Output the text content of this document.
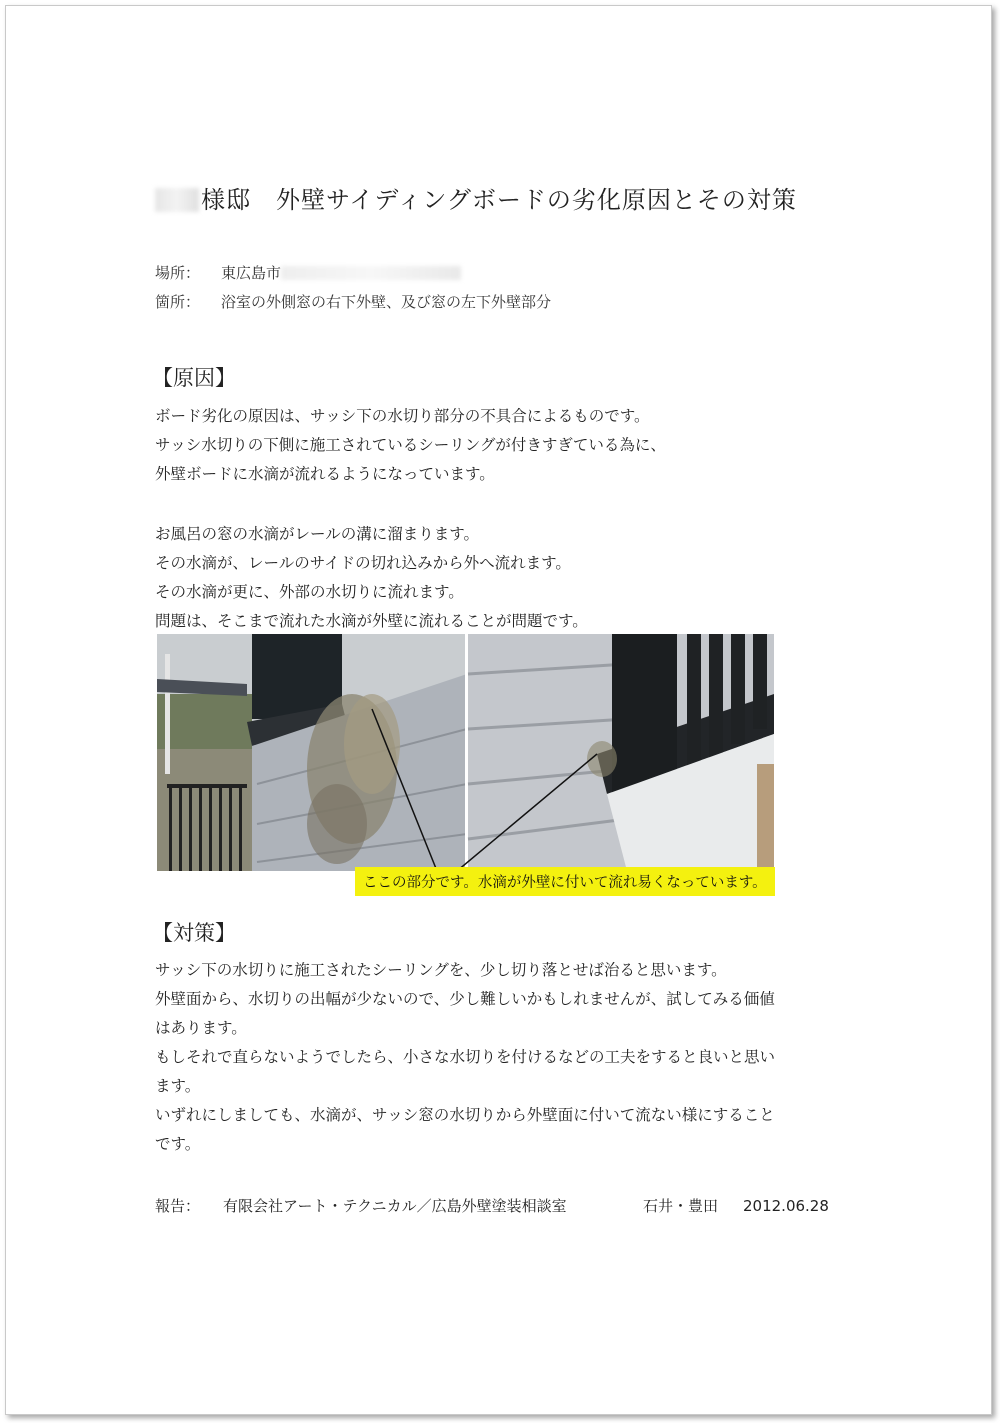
様邸　外壁サイディングボードの劣化原因とその対策
場所： 東広島市
箇所： 浴室の外側窓の右下外壁、及び窓の左下外壁部分
【原因】
ボード劣化の原因は、サッシ下の水切り部分の不具合によるものです。
サッシ水切りの下側に施工されているシーリングが付きすぎている為に、
外壁ボードに水滴が流れるようになっています。
お風呂の窓の水滴がレールの溝に溜まります。
その水滴が、レールのサイドの切れ込みから外へ流れます。
その水滴が更に、外部の水切りに流れます。
問題は、そこまで流れた水滴が外壁に流れることが問題です。
ここの部分です。水滴が外壁に付いて流れ易くなっています。
【対策】
サッシ下の水切りに施工されたシーリングを、少し切り落とせば治ると思います。
外壁面から、水切りの出幅が少ないので、少し難しいかもしれませんが、試してみる価値
はあります。
もしそれで直らないようでしたら、小さな水切りを付けるなどの工夫をすると良いと思い
ます。
いずれにしましても、水滴が、サッシ窓の水切りから外壁面に付いて流ない様にすること
です。
報告： 有限会社アート・テクニカル／広島外壁塗装相談室	石井・豊田 2012.06.28
